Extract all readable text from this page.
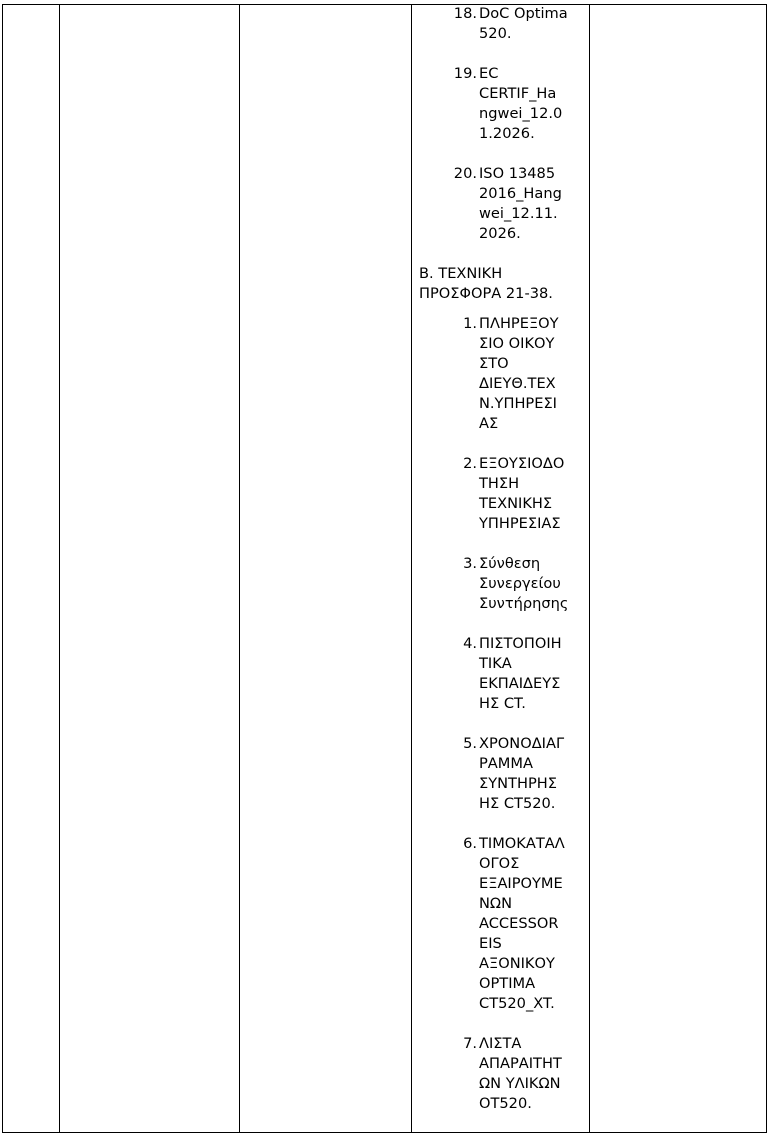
18. DoC Optima
520.
19. EC
CERTIF_Ha
ngwei_12.0
1.2026.
20. ISO 13485
2016_Hang
wei_12.11.
2026.
Β. ΤΕΧΝΙΚΗ
ΠΡΟΣΦΟΡΑ 21-38.
1. ΠΛΗΡΕΞΟΥ
ΣΙΟ ΟΙΚΟΥ
ΣΤΟ
ΔΙΕΥΘ.ΤΕΧ
Ν.ΥΠΗΡΕΣΙ
ΑΣ
2. ΕΞΟΥΣΙΟΔΟ
ΤΗΣΗ
ΤΕΧΝΙΚΗΣ
ΥΠΗΡΕΣΙΑΣ
3. Σύνθεση
Συνεργείου
Συντήρησης
4. ΠΙΣΤΟΠΟΙΗ
ΤΙΚΑ
ΕΚΠΑΙΔΕΥΣ
ΗΣ CT.
5. ΧΡΟΝΟΔΙΑΓ
ΡΑΜΜΑ
ΣΥΝΤΗΡΗΣ
ΗΣ CT520.
6. ΤΙΜΟΚΑΤΑΛ
ΟΓΟΣ
ΕΞΑΙΡΟΥΜΕ
ΝΩΝ
ACCESSOR
EIS
ΑΞΟΝΙΚΟΥ
OPTIMA
CT520_XT.
7. ΛΙΣΤΑ
ΑΠΑΡΑΙΤΗΤ
ΩΝ ΥΛΙΚΩΝ
OT520.
